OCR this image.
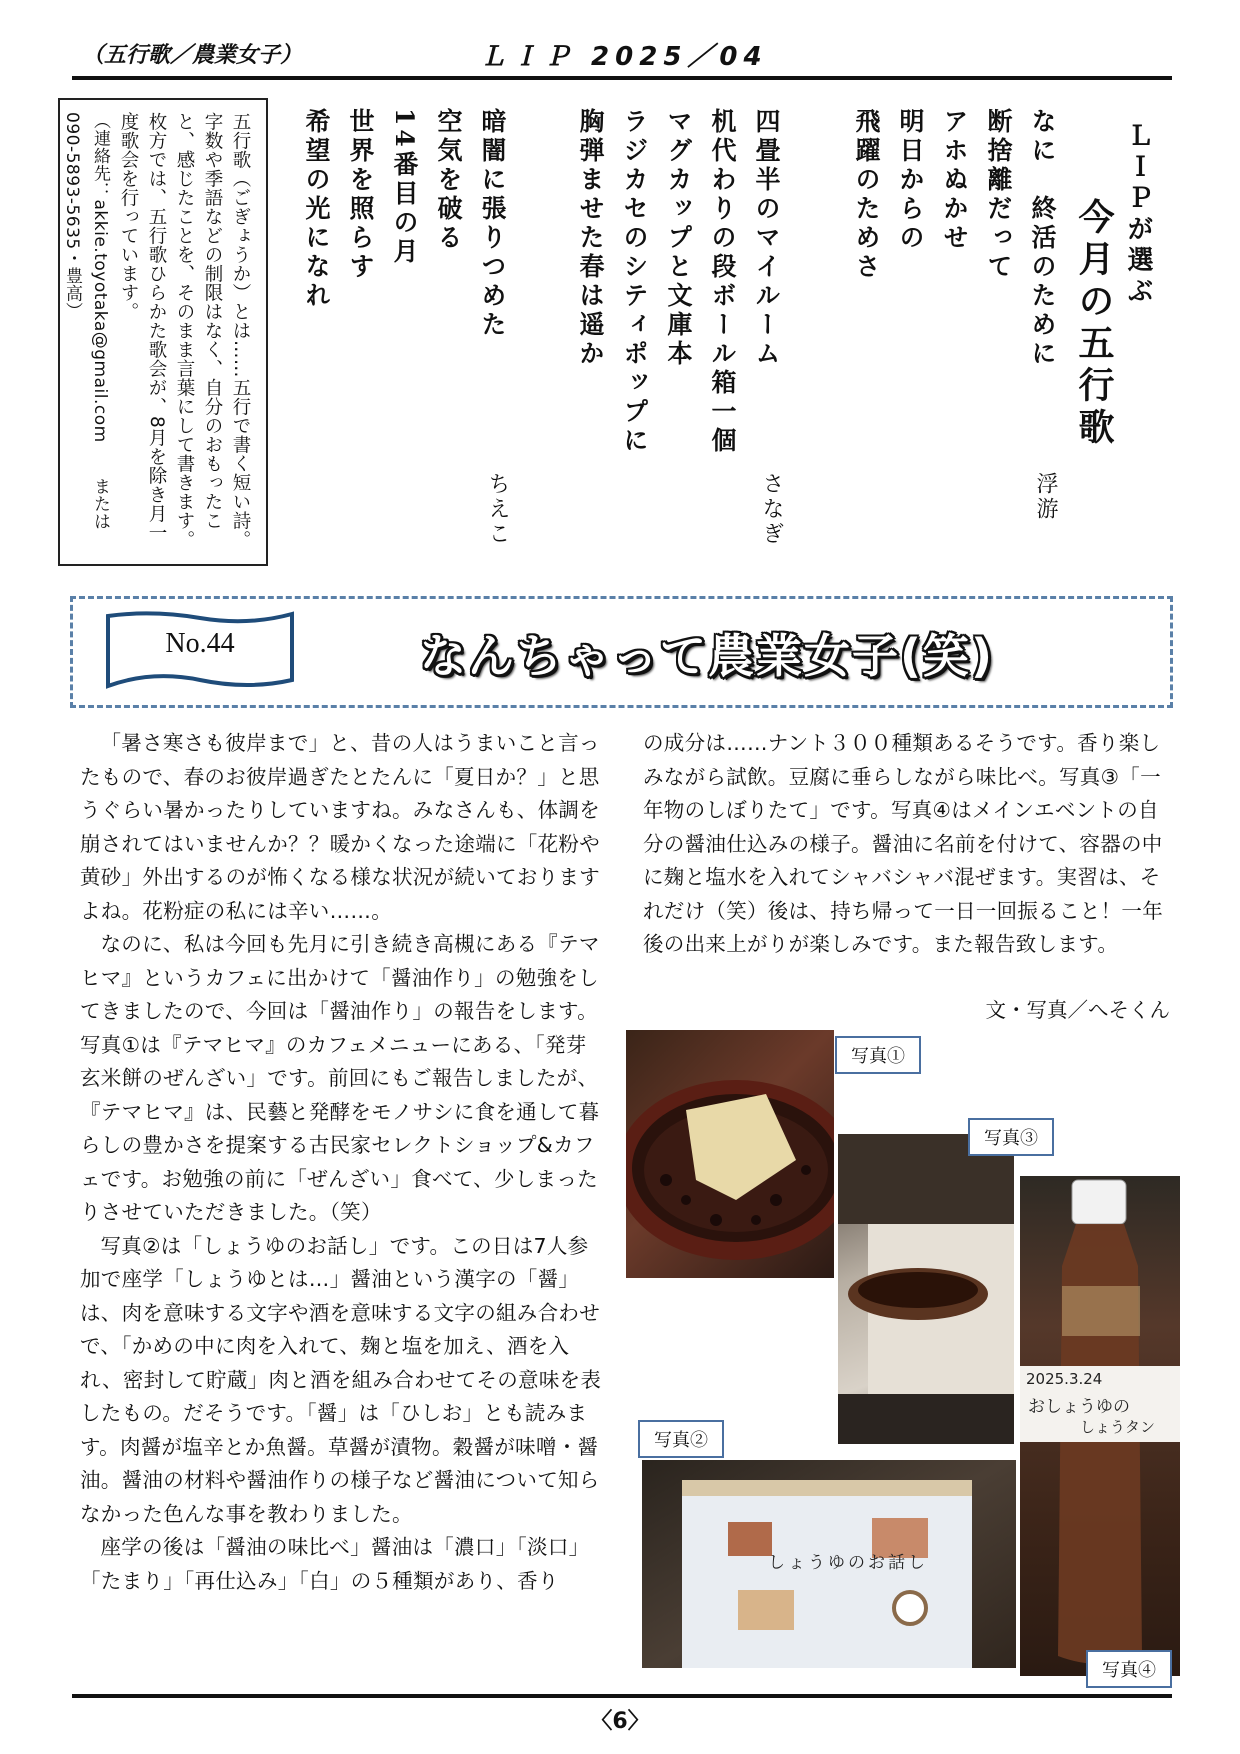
（五行歌／農業女子）	ＬＩＰ 2025／04
ＬＩＰが選ぶ
今月の五行歌
なに　終活のために
断捨離だって
アホぬかせ
明日からの
飛躍のためさ
浮游
四畳半のマイルーム
机代わりの段ボール箱一個
マグカップと文庫本
ラジカセのシティポップに
胸弾ませた春は遥か
さなぎ
暗闇に張りつめた
空気を破る
14番目の月
世界を照らす
希望の光になれ
ちえこ
五行歌（ごぎょうか）とは……五行で書く短い詩。字数や季語などの制限はなく、自分のおもったこと、感じたことを、そのまま言葉にして書きます。枚方では、五行歌ひらかた歌会が、8月を除き月一度歌会を行っています。
（連絡先：akkie.toyotaka@gmail.com　　または 090-5893-5635・豊高）
No.44	なんちゃって農業女子(笑)

「暑さ寒さも彼岸まで」と、昔の人はうまいこと言ったもので、春のお彼岸過ぎたとたんに「夏日か？」と思うぐらい暑かったりしていますね。みなさんも、体調を崩されてはいませんか？？暖かくなった途端に「花粉や黄砂」外出するのが怖くなる様な状況が続いておりますよね。花粉症の私には辛い……。

なのに、私は今回も先月に引き続き高槻にある『テマヒマ』というカフェに出かけて「醤油作り」の勉強をしてきましたので、今回は「醤油作り」の報告をします。写真①は『テマヒマ』のカフェメニューにある、「発芽玄米餅のぜんざい」です。前回にもご報告しましたが、『テマヒマ』は、民藝と発酵をモノサシに食を通して暮らしの豊かさを提案する古民家セレクトショップ&カフェです。お勉強の前に「ぜんざい」食べて、少しまったりさせていただきました。（笑）

写真②は「しょうゆのお話し」です。この日は7人参加で座学「しょうゆとは…」醤油という漢字の「醤」は、肉を意味する文字や酒を意味する文字の組み合わせで、「かめの中に肉を入れて、麹と塩を加え、酒を入れ、密封して貯蔵」肉と酒を組み合わせてその意味を表したもの。だそうです。「醤」は「ひしお」とも読みます。肉醤が塩辛とか魚醤。草醤が漬物。穀醤が味噌・醤油。醤油の材料や醤油作りの様子など醤油について知らなかった色んな事を教わりました。

座学の後は「醤油の味比べ」醤油は「濃口」「淡口」「たまり」「再仕込み」「白」の５種類があり、香り

の成分は……ナント３００種類あるそうです。香り楽しみながら試飲。豆腐に垂らしながら味比べ。写真③「一年物のしぼりたて」です。写真④はメインエベントの自分の醤油仕込みの様子。醤油に名前を付けて、容器の中に麹と塩水を入れてシャバシャバ混ぜます。実習は、それだけ（笑）後は、持ち帰って一日一回振ること！一年後の出来上がりが楽しみです。また報告致します。

文・写真／へそくん
写真①
写真③
2025.3.24
おしょうゆの
しょうタン
写真④
しょうゆのお話し
写真②
〈6〉
